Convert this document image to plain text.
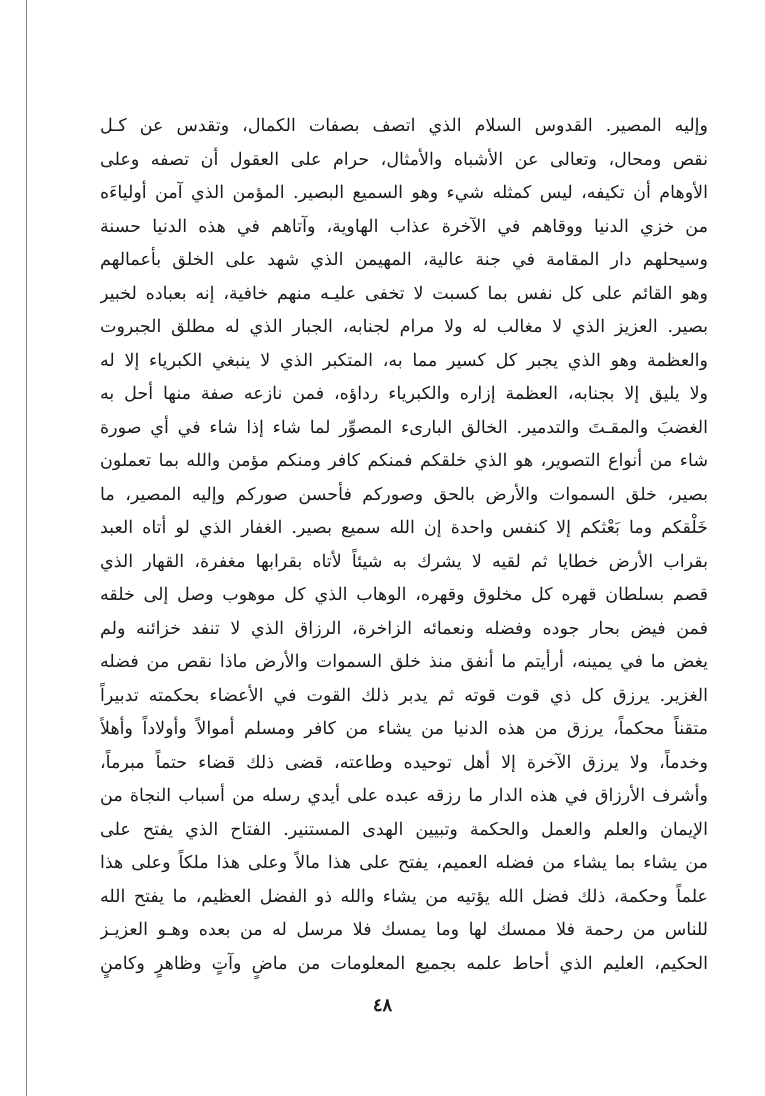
وإليه المصير. القدوس السلام الذي اتصف بصفات الكمال، وتقدس عن كـل
نقص ومحال، وتعالى عن الأشباه والأمثال، حرام على العقول أن تصفه وعلى
الأوهام أن تكيفه، ليس كمثله شيء وهو السميع البصير. المؤمن الذي آمن أولياءَه
من خزي الدنيا ووقاهم في الآخرة عذاب الهاوية، وآتاهم في هذه الدنيا حسنة
وسيحلهم دار المقامة في جنة عالية، المهيمن الذي شهد على الخلق بأعمالهم
وهو القائم على كل نفس بما كسبت لا تخفى عليـه منهم خافية، إنه بعباده لخبير
بصير. العزيز الذي لا مغالب له ولا مرام لجنابه، الجبار الذي له مطلق الجبروت
والعظمة وهو الذي يجبر كل كسير مما به، المتكبر الذي لا ينبغي الكبرياء إلا له
ولا يليق إلا بجنابه، العظمة إزاره والكبرياء رداؤه، فمن نازعه صفة منها أحل به
الغضبَ والمقـتَ والتدمير. الخالق البارىء المصوِّر لما شاء إذا شاء في أي صورة
شاء من أنواع التصوير، هو الذي خلقكم فمنكم كافر ومنكم مؤمن والله بما تعملون
بصير، خلق السموات والأرض بالحق وصوركم فأحسن صوركم وإليه المصير، ما
خَلْقكم وما بَعْثكم إلا كنفس واحدة إن الله سميع بصير. الغفار الذي لو أتاه العبد
بقراب الأرض خطايا ثم لقيه لا يشرك به شيئاً لأتاه بقرابها مغفرة، القهار الذي
قصم بسلطان قهره كل مخلوق وقهره، الوهاب الذي كل موهوب وصل إلى خلقه
فمن فيض بحار جوده وفضله ونعمائه الزاخرة، الرزاق الذي لا تنفد خزائنه ولم
يغض ما في يمينه، أرأيتم ما أنفق منذ خلق السموات والأرض ماذا نقص من فضله
الغزير. يرزق كل ذي قوت قوته ثم يدبر ذلك القوت في الأعضاء بحكمته تدبيراً
متقناً محكماً، يرزق من هذه الدنيا من يشاء من كافر ومسلم أموالاً وأولاداً وأهلاً
وخدماً، ولا يرزق الآخرة إلا أهل توحيده وطاعته، قضى ذلك قضاء حتماً مبرماً،
وأشرف الأرزاق في هذه الدار ما رزقه عبده على أيدي رسله من أسباب النجاة من
الإيمان والعلم والعمل والحكمة وتبيين الهدى المستنير. الفتاح الذي يفتح على
من يشاء بما يشاء من فضله العميم، يفتح على هذا مالاً وعلى هذا ملكاً وعلى هذا
علماً وحكمة، ذلك فضل الله يؤتيه من يشاء والله ذو الفضل العظيم، ما يفتح الله
للناس من رحمة فلا ممسك لها وما يمسك فلا مرسل له من بعده وهـو العزيـز
الحكيم، العليم الذي أحاط علمه بجميع المعلومات من ماضٍ وآتٍ وظاهرٍ وكامنٍ
٤٨
